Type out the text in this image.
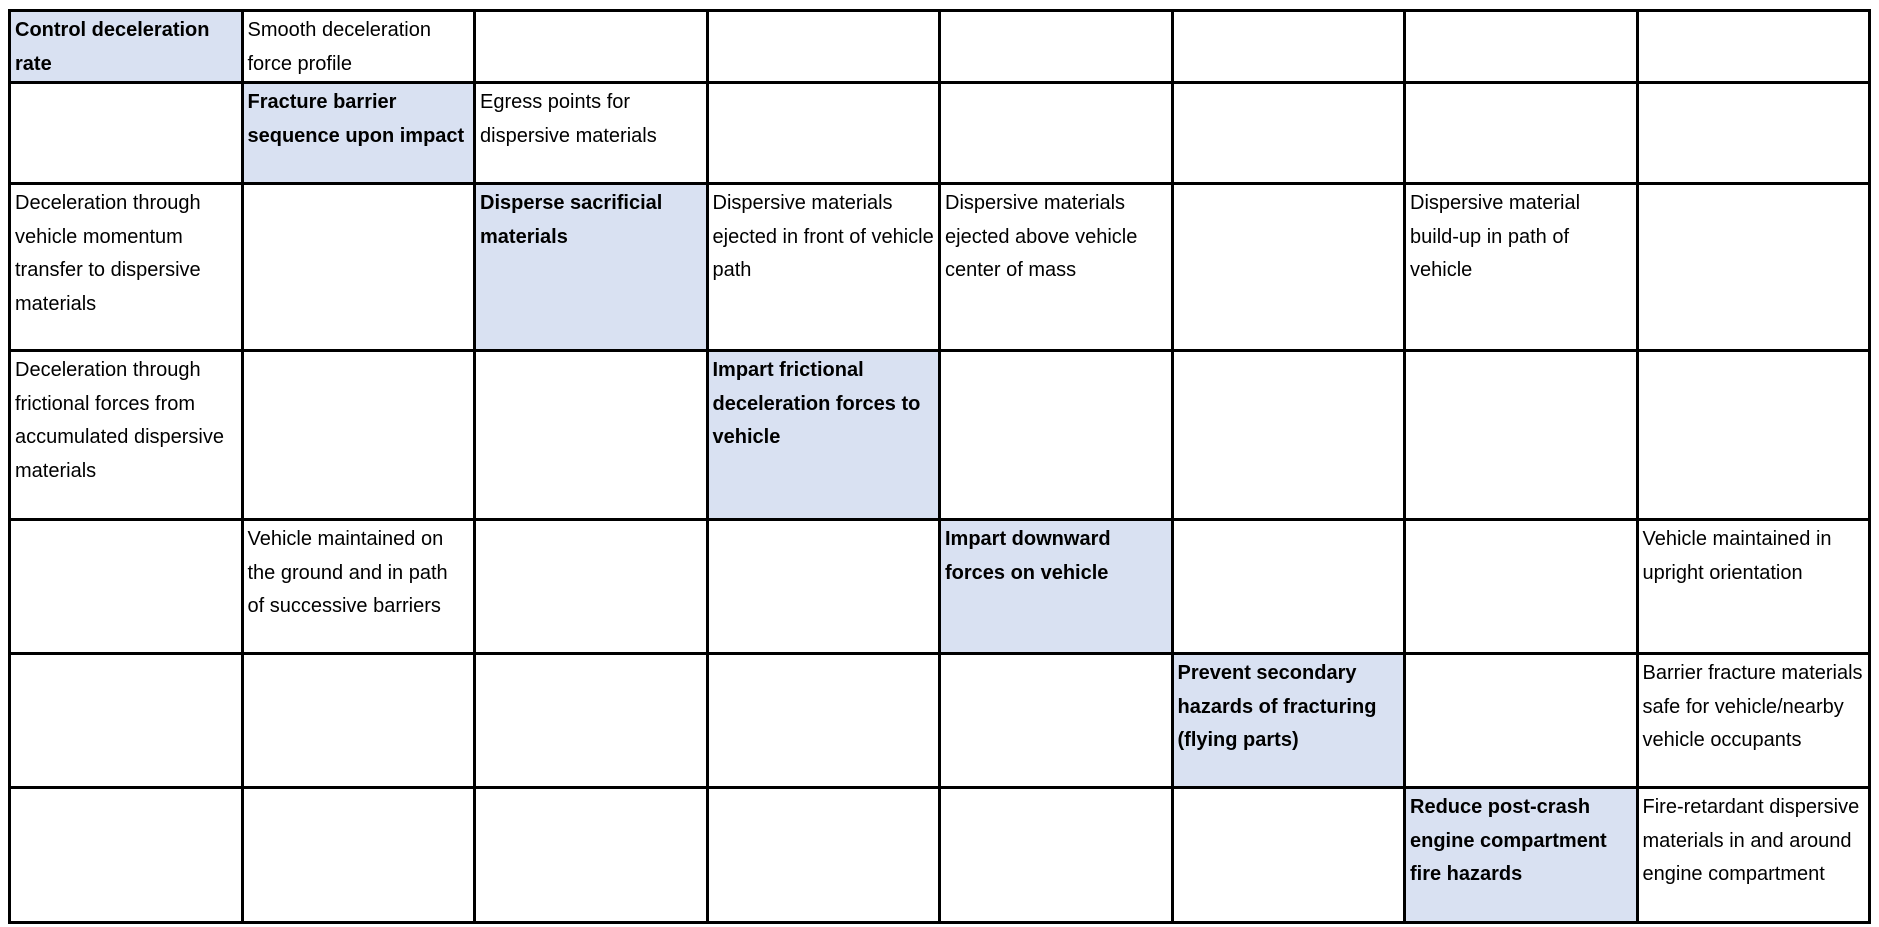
Control deceleration rate	Smooth deceleration force profile						
	Fracture barrier sequence upon impact	Egress points for dispersive materials					
Deceleration through vehicle momentum transfer to dispersive materials		Disperse sacrificial materials	Dispersive materials ejected in front of vehicle path	Dispersive materials ejected above vehicle center of mass		Dispersive material build-up in path of vehicle	
Deceleration through frictional forces from accumulated dispersive materials			Impart frictional deceleration forces to vehicle				
	Vehicle maintained on the ground and in path of successive barriers			Impart downward forces on vehicle			Vehicle maintained in upright orientation
					Prevent secondary hazards of fracturing (flying parts)		Barrier fracture materials safe for vehicle/nearby vehicle occupants
						Reduce post-crash engine compartment fire hazards	Fire-retardant dispersive materials in and around engine compartment
